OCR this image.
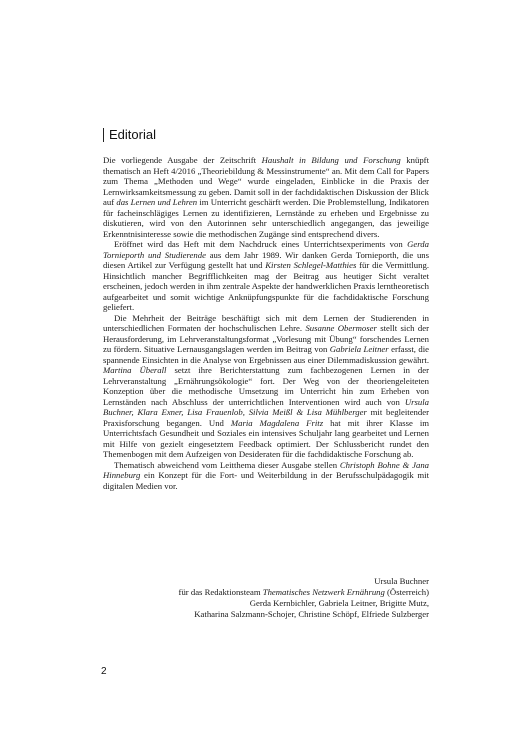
Editorial

Die vorliegende Ausgabe der Zeitschrift Haushalt in Bildung und Forschung knüpft thematisch an Heft 4/2016 „Theoriebildung & Messinstrumente“ an. Mit dem Call for Papers zum Thema „Methoden und Wege“ wurde eingeladen, Einblicke in die Praxis der Lernwirksamkeitsmessung zu geben. Damit soll in der fachdidaktischen Diskussion der Blick auf das Lernen und Lehren im Unterricht geschärft werden. Die Problemstellung, Indikatoren für facheinschlägiges Lernen zu identifizieren, Lernstände zu erheben und Ergebnisse zu diskutieren, wird von den Autorinnen sehr unterschiedlich angegangen, das jeweilige Erkenntnisinteresse sowie die methodischen Zugänge sind entsprechend divers.

Eröffnet wird das Heft mit dem Nachdruck eines Unterrichtsexperiments von Gerda Tornieporth und Studierende aus dem Jahr 1989. Wir danken Gerda Tornieporth, die uns diesen Artikel zur Verfügung gestellt hat und Kirsten Schlegel-Matthies für die Vermittlung. Hinsichtlich mancher Begrifflichkeiten mag der Beitrag aus heutiger Sicht veraltet erscheinen, jedoch werden in ihm zentrale Aspekte der handwerklichen Praxis lerntheoretisch aufgearbeitet und somit wichtige Anknüpfungspunkte für die fachdidaktische Forschung geliefert.

Die Mehrheit der Beiträge beschäftigt sich mit dem Lernen der Studierenden in unterschiedlichen Formaten der hochschulischen Lehre. Susanne Obermoser stellt sich der Herausforderung, im Lehrveranstaltungsformat „Vorlesung mit Übung“ forschendes Lernen zu fördern. Situative Lernausgangslagen werden im Beitrag von Gabriela Leitner erfasst, die spannende Einsichten in die Analyse von Ergebnissen aus einer Dilemmadiskussion gewährt. Martina Überall setzt ihre Berichterstattung zum fachbezogenen Lernen in der Lehrveranstaltung „Ernährungsökologie“ fort. Der Weg von der theoriengeleiteten Konzeption über die methodische Umsetzung im Unterricht hin zum Erheben von Lernständen nach Abschluss der unterrichtlichen Interventionen wird auch von Ursula Buchner, Klara Exner, Lisa Frauenlob, Silvia Meißl & Lisa Mühlberger mit begleitender Praxisforschung begangen. Und Maria Magdalena Fritz hat mit ihrer Klasse im Unterrichtsfach Gesundheit und Soziales ein intensives Schuljahr lang gearbeitet und Lernen mit Hilfe von gezielt eingesetztem Feedback optimiert. Der Schlussbericht rundet den Themenbogen mit dem Aufzeigen von Desideraten für die fachdidaktische Forschung ab.

Thematisch abweichend vom Leitthema dieser Ausgabe stellen Christoph Bohne & Jana Hinneburg ein Konzept für die Fort- und Weiterbildung in der Berufsschulpädagogik mit digitalen Medien vor.

Ursula Buchner
für das Redaktionsteam Thematisches Netzwerk Ernährung (Österreich)
Gerda Kernbichler, Gabriela Leitner, Brigitte Mutz,
Katharina Salzmann-Schojer, Christine Schöpf, Elfriede Sulzberger
2
